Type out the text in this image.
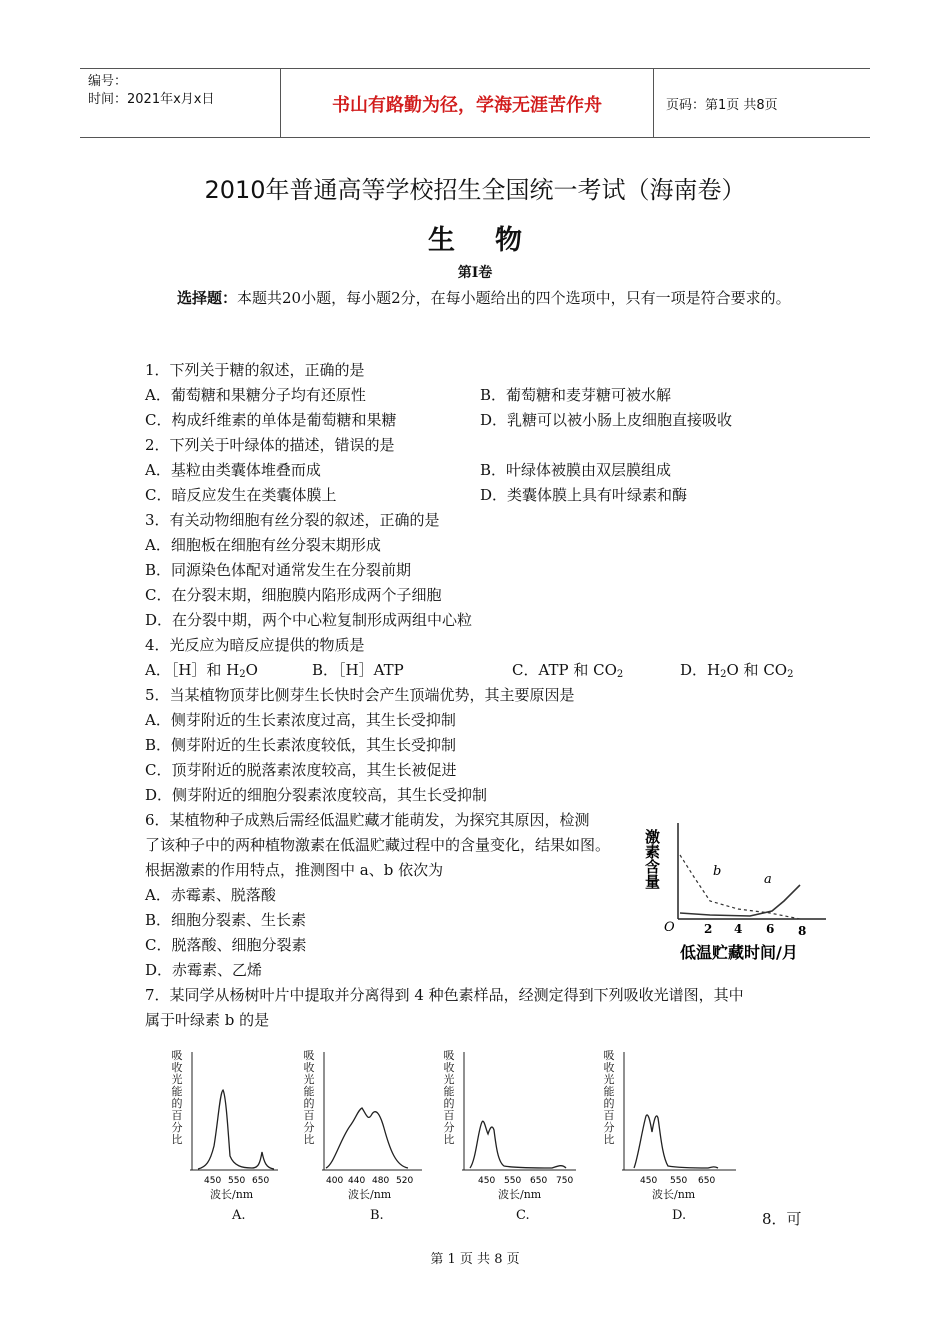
编号：
时间：2021年x月x日	书山有路勤为径，学海无涯苦作舟	页码：第1页 共8页
2010年普通高等学校招生全国统一考试（海南卷）
生物
第Ⅰ卷
选择题：本题共20小题，每小题2分，在每小题给出的四个选项中，只有一项是符合要求的。
1．下列关于糖的叙述，正确的是
A．葡萄糖和果糖分子均有还原性	B．葡萄糖和麦芽糖可被水解
C．构成纤维素的单体是葡萄糖和果糖	D．乳糖可以被小肠上皮细胞直接吸收
2．下列关于叶绿体的描述，错误的是
A．基粒由类囊体堆叠而成	B．叶绿体被膜由双层膜组成
C．暗反应发生在类囊体膜上	D．类囊体膜上具有叶绿素和酶
3．有关动物细胞有丝分裂的叙述，正确的是
A．细胞板在细胞有丝分裂末期形成
B．同源染色体配对通常发生在分裂前期
C．在分裂末期，细胞膜内陷形成两个子细胞
D．在分裂中期，两个中心粒复制形成两组中心粒
4．光反应为暗反应提供的物质是
A．［H］和 $H_2O$	B．［H］ATP	C．ATP 和 $CO_2$	D．$H_2O$ 和 $CO_2$
5．当某植物顶芽比侧芽生长快时会产生顶端优势，其主要原因是
A．侧芽附近的生长素浓度过高，其生长受抑制
B．侧芽附近的生长素浓度较低，其生长受抑制
C．顶芽附近的脱落素浓度较高，其生长被促进
D．侧芽附近的细胞分裂素浓度较高，其生长受抑制
6．某植物种子成熟后需经低温贮藏才能萌发，为探究其原因，检测
了该种子中的两种植物激素在低温贮藏过程中的含量变化，结果如图。
根据激素的作用特点，推测图中 a、b 依次为
A．赤霉素、脱落酸
B．细胞分裂素、生长素
C．脱落酸、细胞分裂素
D．赤霉素、乙烯
激素含量
O 2 4 6 8
b
a
低温贮藏时间/月
7．某同学从杨树叶片中提取并分离得到 4 种色素样品，经测定得到下列吸收光谱图，其中
属于叶绿素 b 的是
吸收光能的百分比
450 550 650
波长/nm
A.
吸收光能的百分比
400 440 480 520
波长/nm
B.
吸收光能的百分比
450 550 650 750
波长/nm
C.
吸收光能的百分比
450 550 650
波长/nm
D.	8．可
第 1 页 共 8 页
